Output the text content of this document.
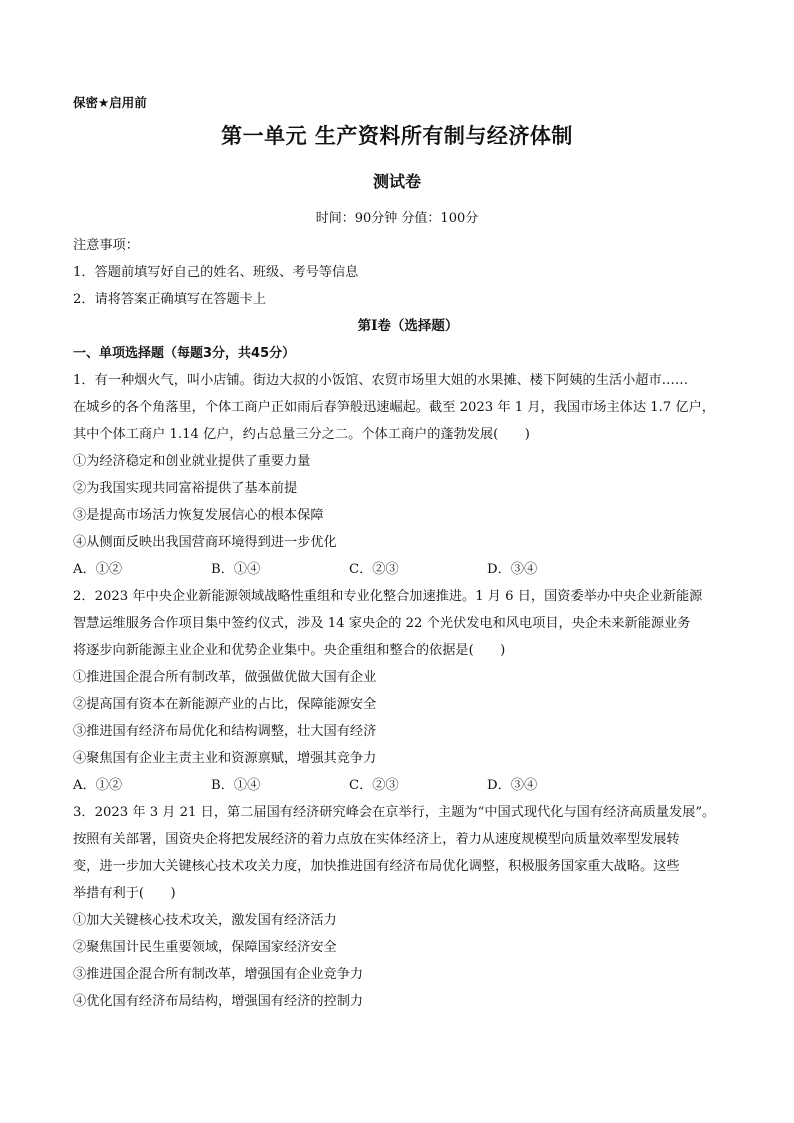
保密★启用前
第一单元 生产资料所有制与经济体制
测试卷
时间：90分钟 分值：100分
注意事项：
1．答题前填写好自己的姓名、班级、考号等信息
2．请将答案正确填写在答题卡上
第I卷（选择题）
一、单项选择题（每题3分，共45分）
1．有一种烟火气，叫小店铺。街边大叔的小饭馆、农贸市场里大姐的水果摊、楼下阿姨的生活小超市……
在城乡的各个角落里，个体工商户正如雨后春笋般迅速崛起。截至 2023 年 1 月，我国市场主体达 1.7 亿户，
其中个体工商户 1.14 亿户，约占总量三分之二。个体工商户的蓬勃发展(　　)
①为经济稳定和创业就业提供了重要力量
②为我国实现共同富裕提供了基本前提
③是提高市场活力恢复发展信心的根本保障
④从侧面反映出我国营商环境得到进一步优化
A．①②	B．①④	C．②③	D．③④
2．2023 年中央企业新能源领域战略性重组和专业化整合加速推进。1 月 6 日，国资委举办中央企业新能源
智慧运维服务合作项目集中签约仪式，涉及 14 家央企的 22 个光伏发电和风电项目，央企未来新能源业务
将逐步向新能源主业企业和优势企业集中。央企重组和整合的依据是(　　)
①推进国企混合所有制改革，做强做优做大国有企业
②提高国有资本在新能源产业的占比，保障能源安全
③推进国有经济布局优化和结构调整，壮大国有经济
④聚焦国有企业主责主业和资源禀赋，增强其竞争力
A．①②	B．①④	C．②③	D．③④
3．2023 年 3 月 21 日，第二届国有经济研究峰会在京举行，主题为“中国式现代化与国有经济高质量发展”。
按照有关部署，国资央企将把发展经济的着力点放在实体经济上，着力从速度规模型向质量效率型发展转
变，进一步加大关键核心技术攻关力度，加快推进国有经济布局优化调整，积极服务国家重大战略。这些
举措有利于(　　)
①加大关键核心技术攻关，激发国有经济活力
②聚焦国计民生重要领域，保障国家经济安全
③推进国企混合所有制改革，增强国有企业竞争力
④优化国有经济布局结构，增强国有经济的控制力
